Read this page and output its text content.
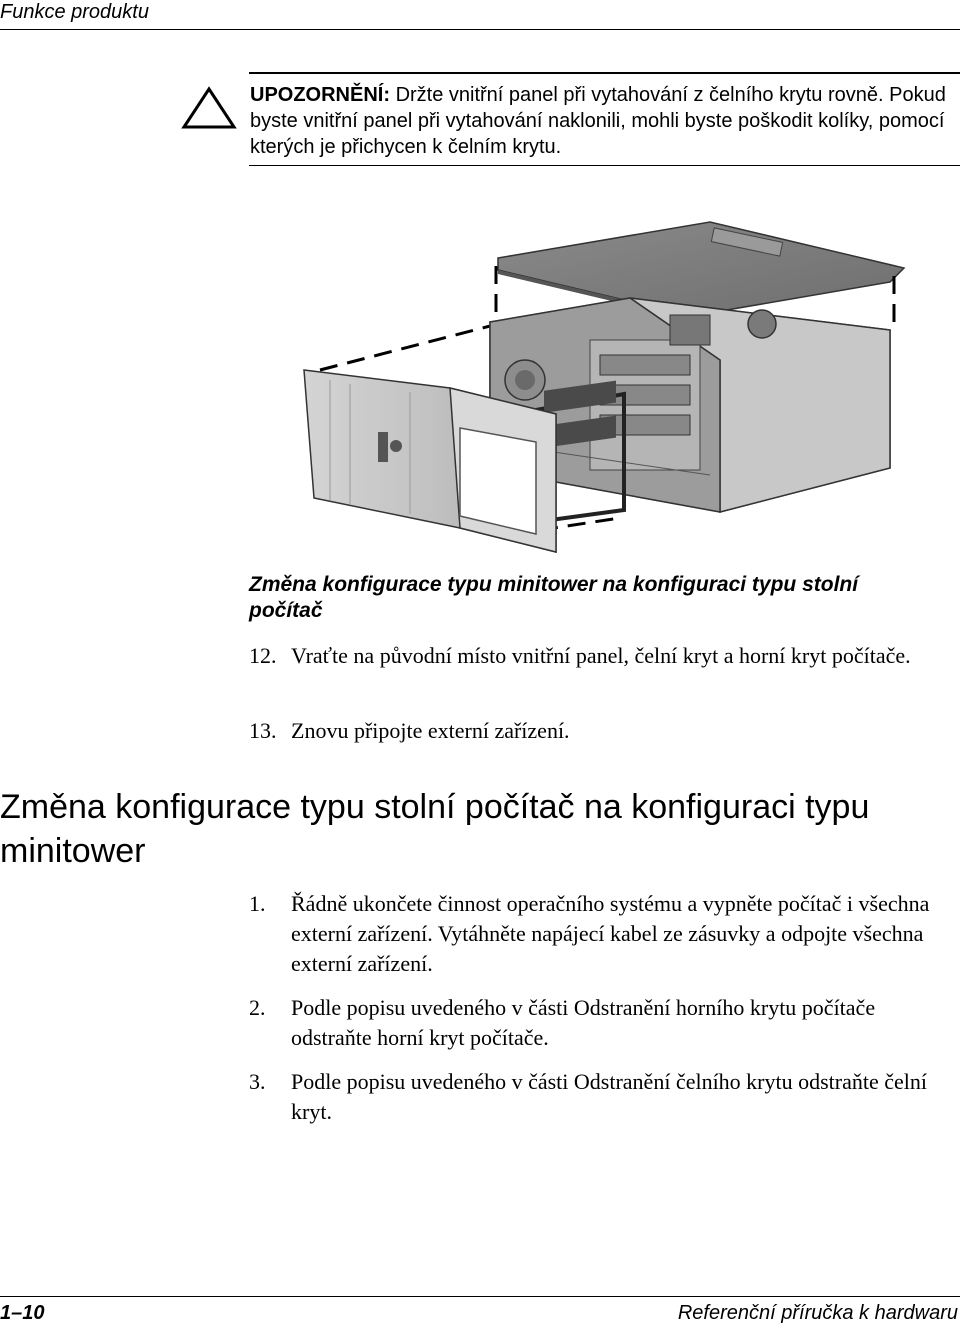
Funkce produktu
UPOZORNĚNÍ: Držte vnitřní panel při vytahování z čelního krytu rovně. Pokud byste vnitřní panel při vytahování naklonili, mohli byste poškodit kolíky, pomocí kterých je přichycen k čelním krytu.
Změna konfigurace typu minitower na konfiguraci typu stolní počítač
12. Vraťte na původní místo vnitřní panel, čelní kryt a horní kryt počítače.
13. Znovu připojte externí zařízení.
Změna konfigurace typu stolní počítač na konfiguraci typu minitower
1.	Řádně ukončete činnost operačního systému a vypněte počítač i všechna externí zařízení. Vytáhněte napájecí kabel ze zásuvky a odpojte všechna externí zařízení.
2.	Podle popisu uvedeného v části Odstranění horního krytu počítače odstraňte horní kryt počítače.
3.	Podle popisu uvedeného v části Odstranění čelního krytu odstraňte čelní kryt.
1–10	Referenční příručka k hardwaru
